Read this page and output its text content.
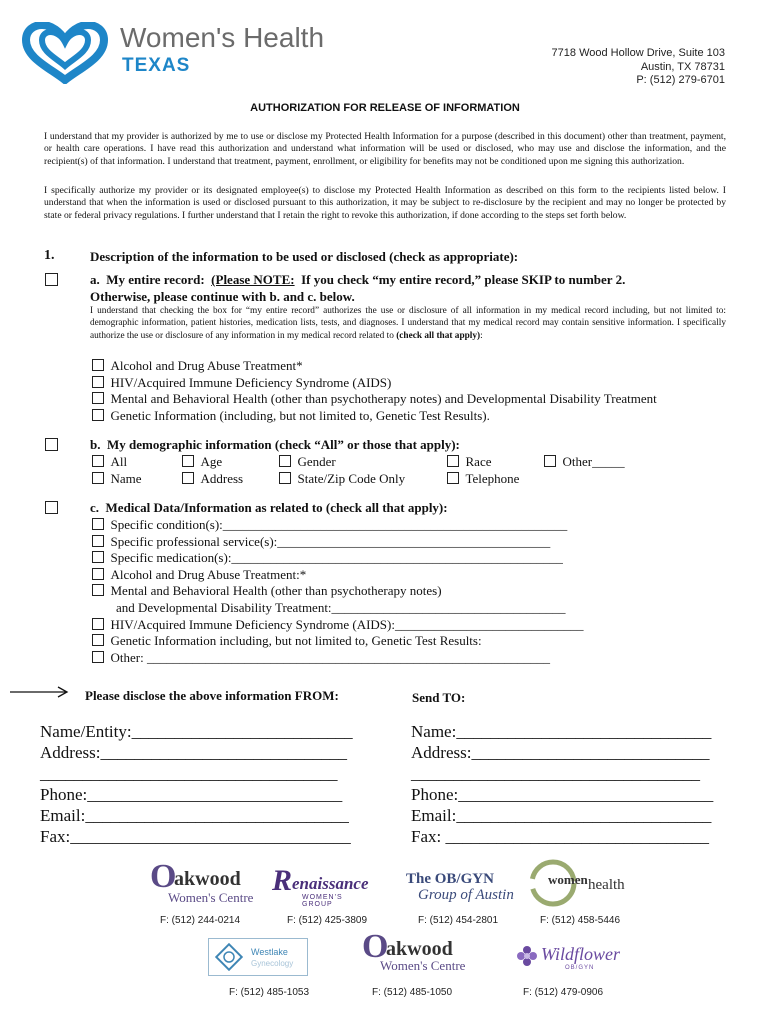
Women's Health
TEXAS
7718 Wood Hollow Drive, Suite 103
Austin, TX 78731
P: (512) 279-6701
AUTHORIZATION FOR RELEASE OF INFORMATION
I understand that my provider is authorized by me to use or disclose my Protected Health Information for a purpose (described in this document) other than treatment, payment, or health care operations. I have read this authorization and understand what information will be used or disclosed, who may use and disclose the information, and the recipient(s) of that information. I understand that treatment, payment, enrollment, or eligibility for benefits may not be conditioned upon me signing this authorization.
I specifically authorize my provider or its designated employee(s) to disclose my Protected Health Information as described on this form to the recipients listed below. I understand that when the information is used or disclosed pursuant to this authorization, it may be subject to re-disclosure by the recipient and may no longer be protected by state or federal privacy regulations. I further understand that I retain the right to revoke this authorization, if done according to the steps set forth below.
1.	Description of the information to be used or disclosed (check as appropriate):
a. My entire record: (Please NOTE: If you check “my entire record,” please SKIP to number 2.
Otherwise, please continue with b. and c. below.
I understand that checking the box for “my entire record” authorizes the use or disclosure of all information in my medical record including, but not limited to: demographic information, patient histories, medication lists, tests, and diagnoses. I understand that my medical record may contain sensitive information. I specifically authorize the use or disclosure of any information in my medical record related to (check all that apply):
Alcohol and Drug Abuse Treatment*
HIV/Acquired Immune Deficiency Syndrome (AIDS)
Mental and Behavioral Health (other than psychotherapy notes) and Developmental Disability Treatment
Genetic Information (including, but not limited to, Genetic Test Results).
b. My demographic information (check “All” or those that apply):
All	Age	Gender	Race	Other_____
Name	Address	State/Zip Code Only	Telephone
c. Medical Data/Information as related to (check all that apply):
Specific condition(s):_____________________________________________________
Specific professional service(s):__________________________________________
Specific medication(s):___________________________________________________
Alcohol and Drug Abuse Treatment:*
Mental and Behavioral Health (other than psychotherapy notes)
and Developmental Disability Treatment:____________________________________
HIV/Acquired Immune Deficiency Syndrome (AIDS):_____________________________
Genetic Information including, but not limited to, Genetic Test Results:
Other: ______________________________________________________________
Please disclose the above information FROM:	Send TO:
Name/Entity:__________________________
Address:_____________________________
___________________________________
Phone:______________________________
Email:_______________________________
Fax:_________________________________
Name:______________________________
Address:____________________________
__________________________________
Phone:______________________________
Email:______________________________
Fax: _______________________________
O
akwood
Women's Centre
R enaissance
WOMEN'S GROUP
The OB/GYN
Group of Austin
women health
F: (512) 244-0214	F: (512) 425-3809	F: (512) 454-2801	F: (512) 458-5446
Westlake
Gynecology O
akwood
Women's Centre
Wildflower
OB/GYN
F: (512) 485-1053	F: (512) 485-1050	F: (512) 479-0906
